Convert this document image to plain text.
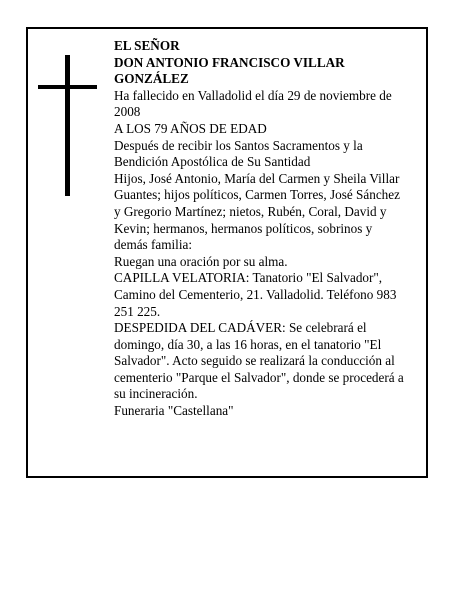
EL SEÑOR

DON ANTONIO FRANCISCO VILLAR GONZÁLEZ

Ha fallecido en Valladolid el día 29 de noviembre de 2008

A LOS 79 AÑOS DE EDAD

Después de recibir los Santos Sacramentos y la Bendición Apostólica de Su Santidad

Hijos, José Antonio, María del Carmen y Sheila Villar Guantes; hijos políticos, Carmen Torres, José Sánchez y Gregorio Martínez; nietos, Rubén, Coral, David y Kevin; hermanos, hermanos políticos, sobrinos y demás familia:

Ruegan una oración por su alma.

CAPILLA VELATORIA: Tanatorio "El Salvador", Camino del Cementerio, 21. Valladolid. Teléfono 983 251 225.

DESPEDIDA DEL CADÁVER: Se celebrará el domingo, día 30, a las 16 horas, en el tanatorio "El Salvador". Acto seguido se realizará la conducción al cementerio "Parque el Salvador", donde se procederá a su incineración.

Funeraria "Castellana"
